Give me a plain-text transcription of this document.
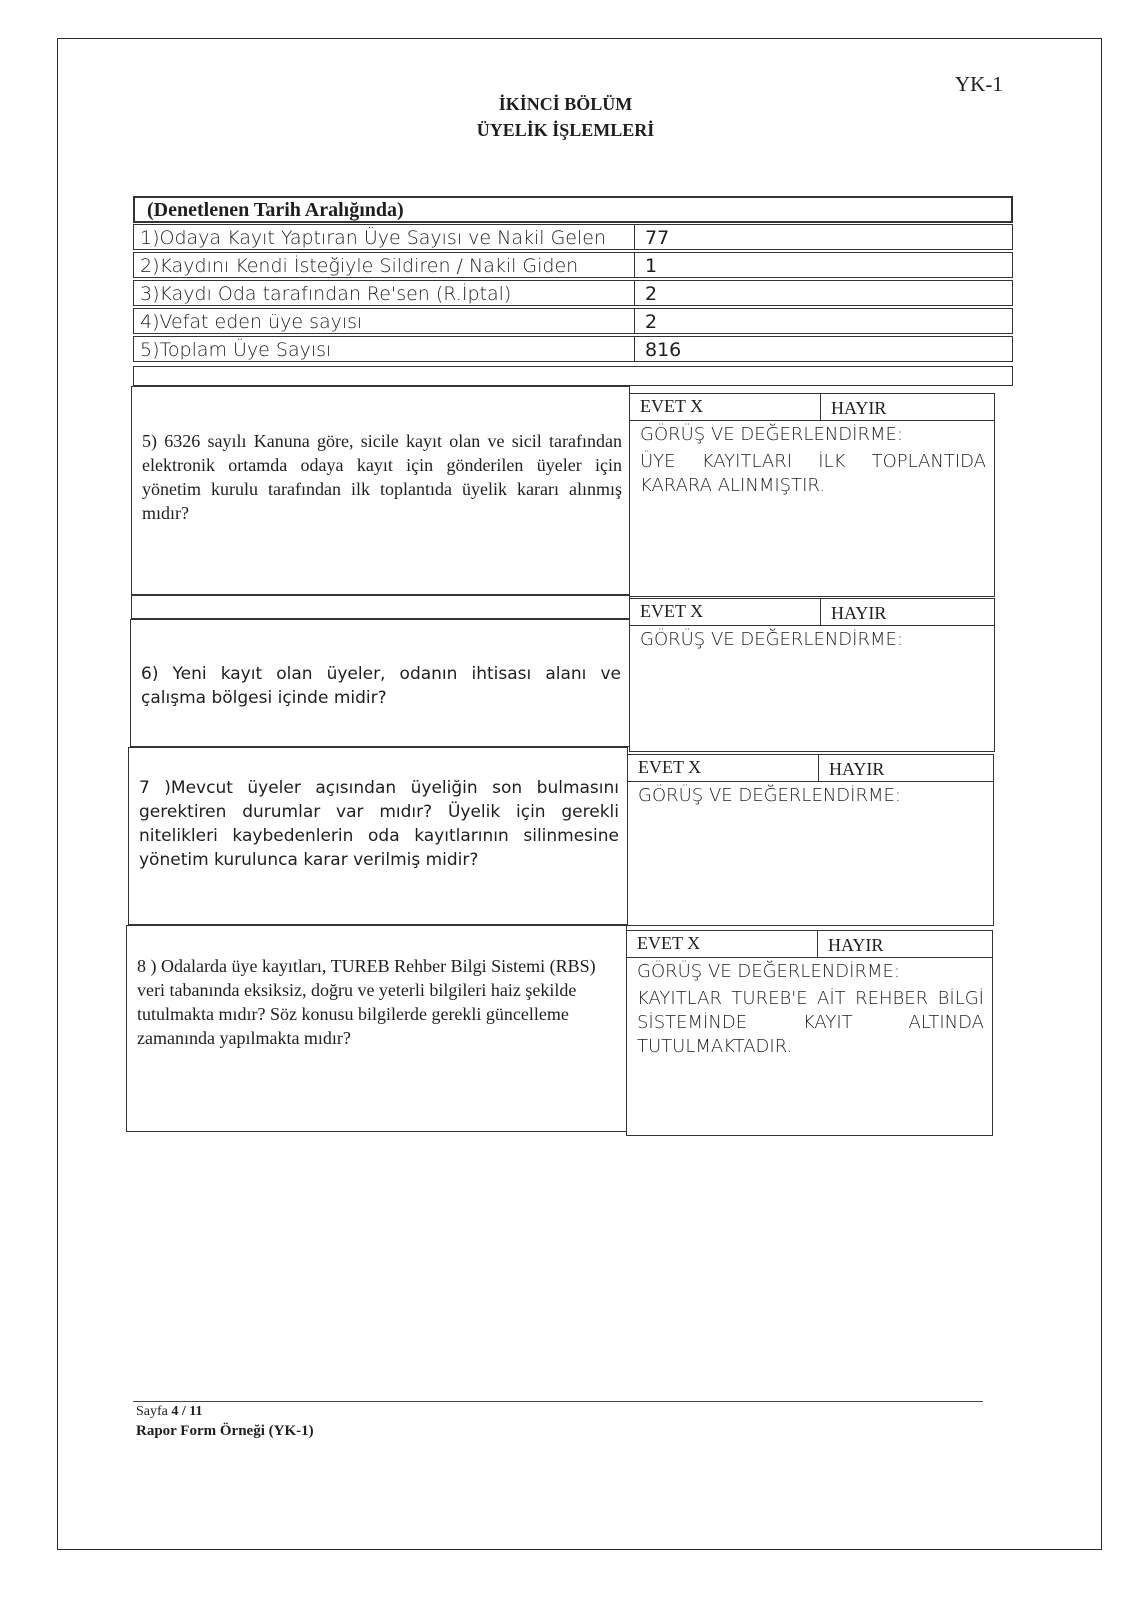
YK-1
İKİNCİ BÖLÜM
ÜYELİK İŞLEMLERİ
(Denetlenen Tarih Aralığında)
1)Odaya Kayıt Yaptıran Üye Sayısı ve Nakil Gelen	77
2)Kaydını Kendi İsteğiyle Sildiren / Nakil Giden	1
3)Kaydı Oda tarafından Re'sen (R.İptal)	2
4)Vefat eden üye sayısı	2
5)Toplam Üye Sayısı	816
5) 6326 sayılı Kanuna göre, sicile kayıt olan ve sicil tarafından elektronik ortamda odaya kayıt için gönderilen üyeler için yönetim kurulu tarafından ilk toplantıda üyelik kararı alınmış mıdır?
EVET X	HAYIR
GÖRÜŞ VE DEĞERLENDİRME:
ÜYE KAYITLARI İLK TOPLANTIDA KARARA ALINMIŞTIR.
6) Yeni kayıt olan üyeler, odanın ihtisası alanı ve çalışma bölgesi içinde midir?
EVET X	HAYIR
GÖRÜŞ VE DEĞERLENDİRME:
7 )Mevcut üyeler açısından üyeliğin son bulmasını gerektiren durumlar var mıdır? Üyelik için gerekli nitelikleri kaybedenlerin oda kayıtlarının silinmesine yönetim kurulunca karar verilmiş midir?
EVET X	HAYIR
GÖRÜŞ VE DEĞERLENDİRME:
8 ) Odalarda üye kayıtları, TUREB Rehber Bilgi Sistemi (RBS) veri tabanında eksiksiz, doğru ve yeterli bilgileri haiz şekilde tutulmakta mıdır? Söz konusu bilgilerde gerekli güncelleme zamanında yapılmakta mıdır?
EVET X	HAYIR
GÖRÜŞ VE DEĞERLENDİRME:
KAYITLAR TUREB'E AİT REHBER BİLGİ SİSTEMİNDE KAYIT ALTINDA TUTULMAKTADIR.
Sayfa 4 / 11
Rapor Form Örneği (YK-1)
